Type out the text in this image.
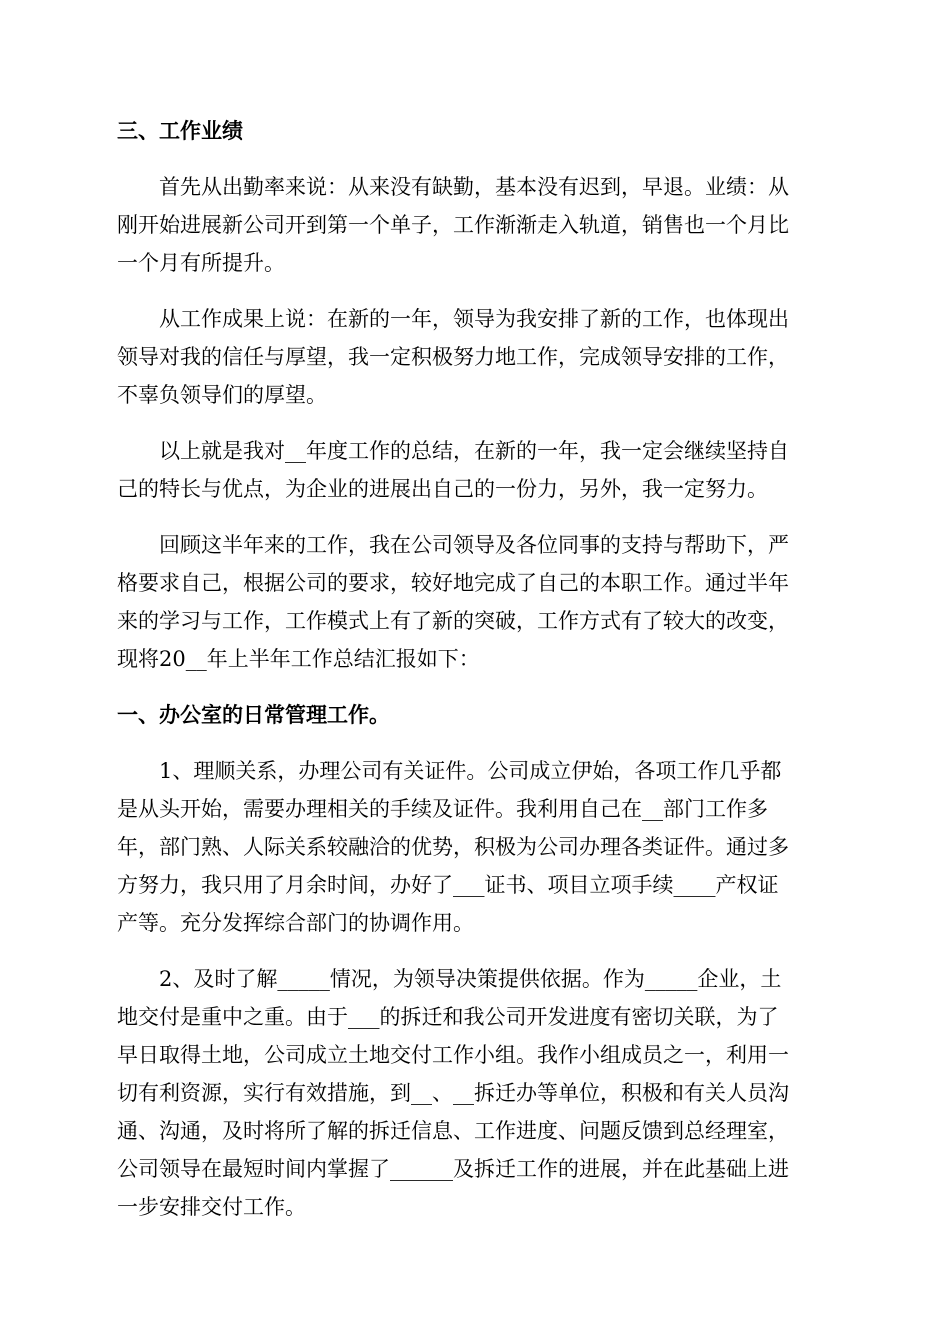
三、工作业绩
首先从出勤率来说：从来没有缺勤，基本没有迟到，早退。业绩：从
刚开始进展新公司开到第一个单子，工作渐渐走入轨道，销售也一个月比
一个月有所提升。
从工作成果上说：在新的一年，领导为我安排了新的工作，也体现出
领导对我的信任与厚望，我一定积极努力地工作，完成领导安排的工作，
不辜负领导们的厚望。
以上就是我对__年度工作的总结，在新的一年，我一定会继续坚持自
己的特长与优点，为企业的进展出自己的一份力，另外，我一定努力。
回顾这半年来的工作，我在公司领导及各位同事的支持与帮助下，严
格要求自己，根据公司的要求，较好地完成了自己的本职工作。通过半年
来的学习与工作，工作模式上有了新的突破，工作方式有了较大的改变，
现将20__年上半年工作总结汇报如下：
一、办公室的日常管理工作。
1、理顺关系，办理公司有关证件。公司成立伊始，各项工作几乎都
是从头开始，需要办理相关的手续及证件。我利用自己在__部门工作多
年，部门熟、人际关系较融洽的优势，积极为公司办理各类证件。通过多
方努力，我只用了月余时间，办好了___证书、项目立项手续____产权证
产等。充分发挥综合部门的协调作用。
2、及时了解_____情况，为领导决策提供依据。作为_____企业，土
地交付是重中之重。由于___的拆迁和我公司开发进度有密切关联，为了
早日取得土地，公司成立土地交付工作小组。我作小组成员之一，利用一
切有利资源，实行有效措施，到__、__拆迁办等单位，积极和有关人员沟
通、沟通，及时将所了解的拆迁信息、工作进度、问题反馈到总经理室，
公司领导在最短时间内掌握了______及拆迁工作的进展，并在此基础上进
一步安排交付工作。
